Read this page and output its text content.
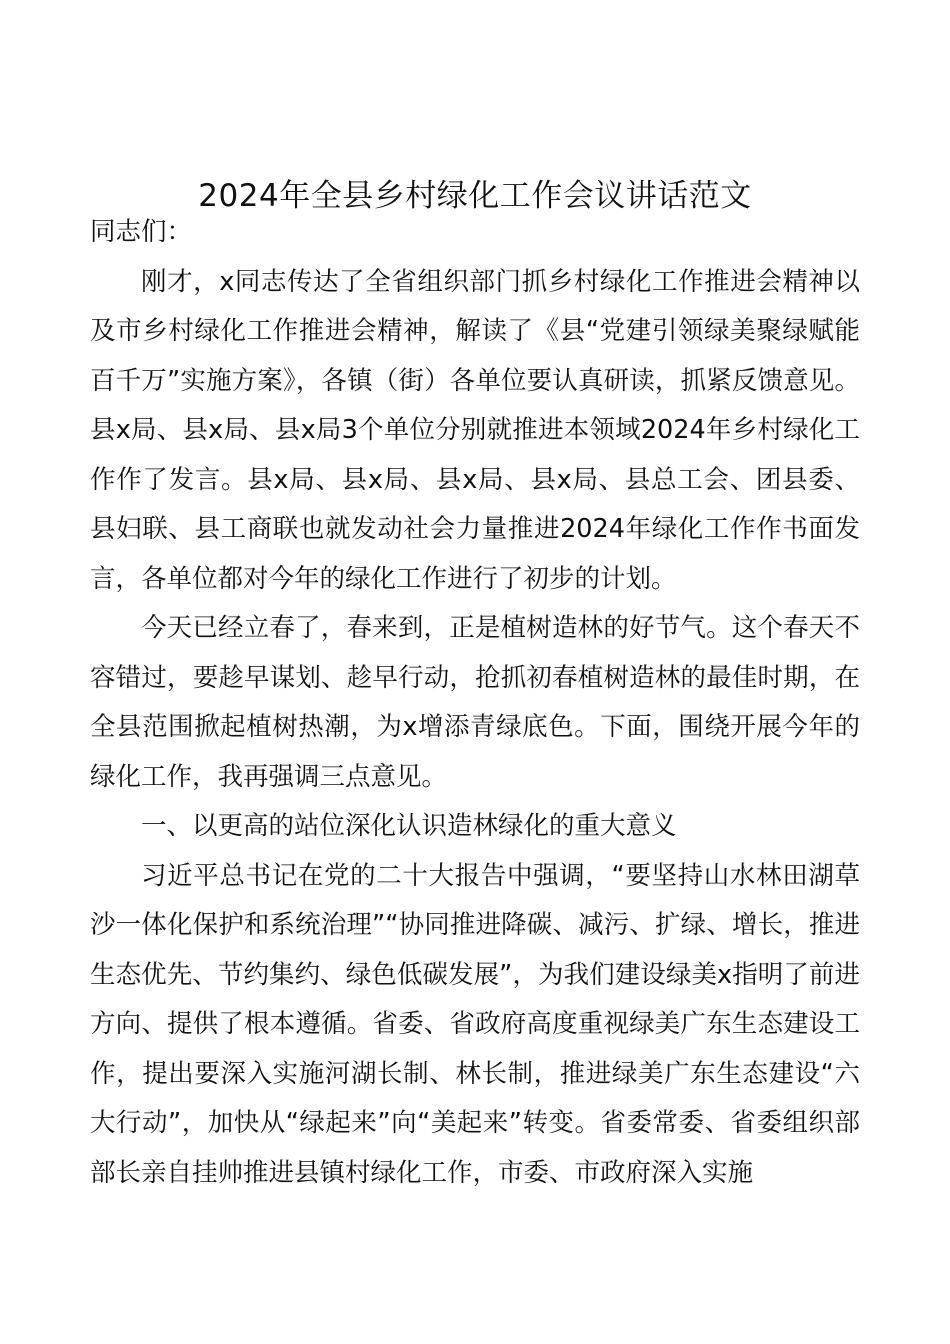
2024年全县乡村绿化工作会议讲话范文

同志们：

刚才，x同志传达了全省组织部门抓乡村绿化工作推进会精神以及市乡村绿化工作推进会精神，解读了《县“党建引领绿美聚绿赋能百千万”实施方案》，各镇（街）各单位要认真研读，抓紧反馈意见。县x局、县x局、县x局3个单位分别就推进本领域2024年乡村绿化工作作了发言。县x局、县x局、县x局、县x局、县总工会、团县委、县妇联、县工商联也就发动社会力量推进2024年绿化工作作书面发言，各单位都对今年的绿化工作进行了初步的计划。

今天已经立春了，春来到，正是植树造林的好节气。这个春天不容错过，要趁早谋划、趁早行动，抢抓初春植树造林的最佳时期，在全县范围掀起植树热潮，为x增添青绿底色。下面，围绕开展今年的绿化工作，我再强调三点意见。

一、以更高的站位深化认识造林绿化的重大意义

习近平总书记在党的二十大报告中强调，“要坚持山水林田湖草沙一体化保护和系统治理”“协同推进降碳、减污、扩绿、增长，推进生态优先、节约集约、绿色低碳发展”，为我们建设绿美x指明了前进方向、提供了根本遵循。省委、省政府高度重视绿美广东生态建设工作，提出要深入实施河湖长制、林长制，推进绿美广东生态建设“六大行动”，加快从“绿起来”向“美起来”转变。省委常委、省委组织部部长亲自挂帅推进县镇村绿化工作，市委、市政府深入实施
